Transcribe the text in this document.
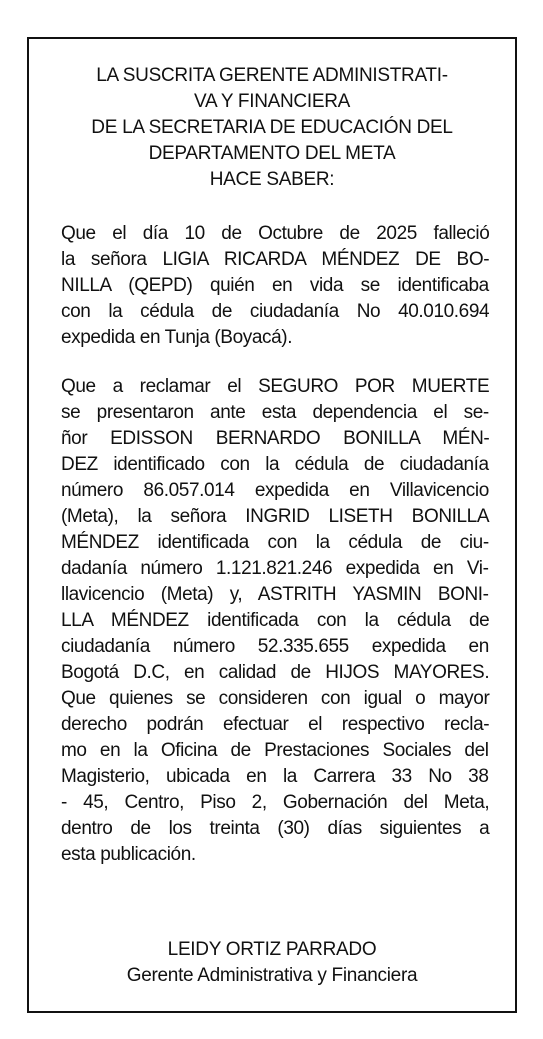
LA SUSCRITA GERENTE ADMINISTRATI-
VA Y FINANCIERA
DE LA SECRETARIA DE EDUCACIÓN DEL
DEPARTAMENTO DEL META
HACE SABER:
Que el día 10 de Octubre de 2025 falleció
la señora LIGIA RICARDA MÉNDEZ DE BO-
NILLA (QEPD) quién en vida se identificaba
con la cédula de ciudadanía No 40.010.694
expedida en Tunja (Boyacá).
Que a reclamar el SEGURO POR MUERTE
se presentaron ante esta dependencia el se-
ñor EDISSON BERNARDO BONILLA MÉN-
DEZ identificado con la cédula de ciudadanía
número 86.057.014 expedida en Villavicencio
(Meta), la señora INGRID LISETH BONILLA
MÉNDEZ identificada con la cédula de ciu-
dadanía número 1.121.821.246 expedida en Vi-
llavicencio (Meta) y, ASTRITH YASMIN BONI-
LLA MÉNDEZ identificada con la cédula de
ciudadanía número 52.335.655 expedida en
Bogotá D.C, en calidad de HIJOS MAYORES.
Que quienes se consideren con igual o mayor
derecho podrán efectuar el respectivo recla-
mo en la Oficina de Prestaciones Sociales del
Magisterio, ubicada en la Carrera 33 No 38
- 45, Centro, Piso 2, Gobernación del Meta,
dentro de los treinta (30) días siguientes a
esta publicación.
LEIDY ORTIZ PARRADO
Gerente Administrativa y Financiera
